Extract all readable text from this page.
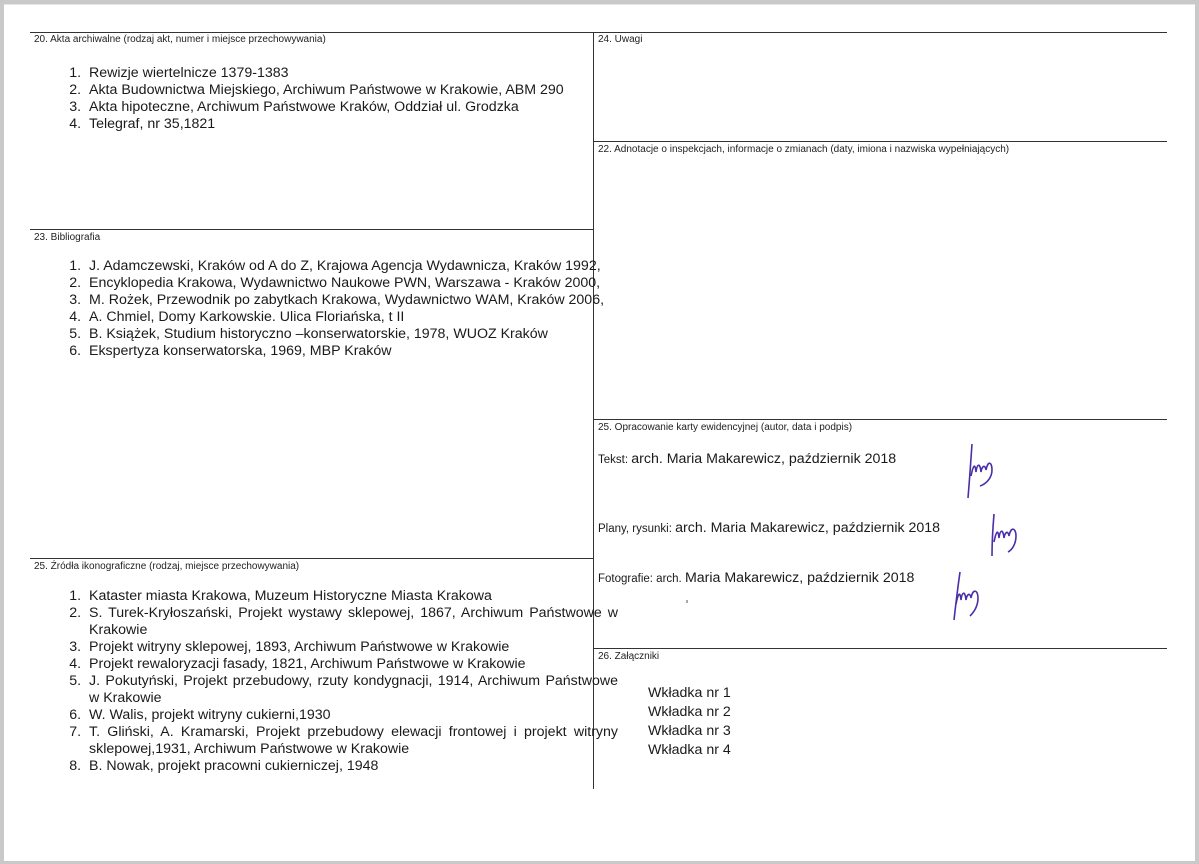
20. Akta archiwalne (rodzaj akt, numer i miejsce przechowywania)
1. Rewizje wiertelnicze 1379-1383
2. Akta Budownictwa Miejskiego, Archiwum Państwowe w Krakowie, ABM 290
3. Akta hipoteczne, Archiwum Państwowe Kraków, Oddział ul. Grodzka
4. Telegraf, nr 35,1821
23. Bibliografia
1. J. Adamczewski, Kraków od A do Z, Krajowa Agencja Wydawnicza, Kraków 1992,
2. Encyklopedia Krakowa, Wydawnictwo Naukowe PWN, Warszawa - Kraków 2000,
3. M. Rożek, Przewodnik po zabytkach Krakowa, Wydawnictwo WAM, Kraków 2006,
4. A. Chmiel, Domy Karkowskie. Ulica Floriańska, t II
5. B. Książek, Studium historyczno –konserwatorskie, 1978, WUOZ Kraków
6. Ekspertyza konserwatorska, 1969, MBP Kraków
25. Źródła ikonograficzne (rodzaj, miejsce przechowywania)
1. Kataster miasta Krakowa, Muzeum Historyczne Miasta Krakowa
2. S. Turek-Kryłoszański, Projekt wystawy sklepowej, 1867, Archiwum Państwowe w Krakowie
3. Projekt witryny sklepowej, 1893, Archiwum Państwowe w Krakowie
4. Projekt rewaloryzacji fasady, 1821, Archiwum Państwowe w Krakowie
5. J. Pokutyński, Projekt przebudowy, rzuty kondygnacji, 1914, Archiwum Państwowe w Krakowie
6. W. Walis, projekt witryny cukierni,1930
7. T. Gliński, A. Kramarski, Projekt przebudowy elewacji frontowej i projekt witryny sklepowej,1931, Archiwum Państwowe w Krakowie
8. B. Nowak, projekt pracowni cukierniczej, 1948
24. Uwagi
22. Adnotacje o inspekcjach, informacje o zmianach (daty, imiona i nazwiska wypełniających)
25. Opracowanie karty ewidencyjnej (autor, data i podpis)
Tekst: arch. Maria Makarewicz, październik 2018
Plany, rysunki: arch. Maria Makarewicz, październik 2018
Fotografie: arch. Maria Makarewicz, październik 2018
26. Załączniki
Wkładka nr 1
Wkładka nr 2
Wkładka nr 3
Wkładka nr 4
